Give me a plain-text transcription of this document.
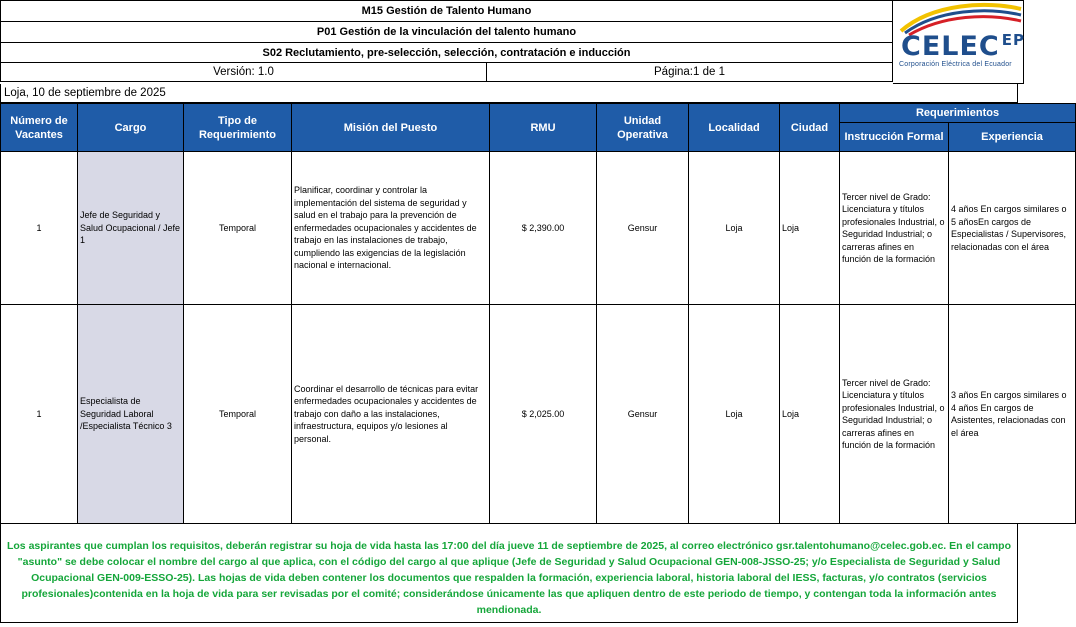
M15 Gestión de Talento Humano
P01 Gestión de la vinculación del talento humano
S02 Reclutamiento, pre-selección, selección, contratación e inducción
Versión: 1.0	Página:1 de 1
CELEC $^{EP}$
Corporación Eléctrica del Ecuador
Loja, 10 de septiembre de 2025
Número de Vacantes	Cargo	Tipo de Requerimiento	Misión del Puesto	RMU	Unidad Operativa	Localidad	Ciudad	Requerimientos	
								Instrucción Formal	Experiencia
1	Jefe de Seguridad y Salud Ocupacional / Jefe 1	Temporal	Planificar, coordinar y controlar la implementación del sistema de seguridad y salud en el trabajo para la prevención de enfermedades ocupacionales y accidentes de trabajo en las instalaciones de trabajo, cumpliendo las exigencias de la legislación nacional e internacional.	$ 2,390.00	Gensur	Loja	Loja	Tercer nivel de Grado: Licenciatura y títulos profesionales Industrial, o Seguridad Industrial; o carreras afines en función de la formación	4 años En cargos similares o 5 añosEn cargos de Especialistas / Supervisores, relacionadas con el área
1	Especialista de Seguridad Laboral /Especialista Técnico 3	Temporal	Coordinar el desarrollo de técnicas para evitar enfermedades ocupacionales y accidentes de trabajo con daño a las instalaciones, infraestructura, equipos y/o lesiones al personal.	$ 2,025.00	Gensur	Loja	Loja	Tercer nivel de Grado: Licenciatura y títulos profesionales Industrial, o Seguridad Industrial; o carreras afines en función de la formación	3 años En cargos similares o 4 años En cargos de Asistentes, relacionadas con el área
Los aspirantes que cumplan los requisitos, deberán registrar su hoja de vida hasta las 17:00 del día jueve 11 de septiembre de 2025, al correo electrónico gsr.talentohumano@celec.gob.ec. En el campo "asunto" se debe colocar el nombre del cargo al que aplica, con el código del cargo al que aplique (Jefe de Seguridad y Salud Ocupacional GEN-008-JSSO-25; y/o Especialista de Seguridad y Salud Ocupacional GEN-009-ESSO-25). Las hojas de vida deben contener los documentos que respalden la formación, experiencia laboral, historia laboral del IESS, facturas, y/o contratos (servicios profesionales)contenida en la hoja de vida para ser revisadas por el comité; considerándose únicamente las que apliquen dentro de este periodo de tiempo, y contengan toda la información antes mendionada.
